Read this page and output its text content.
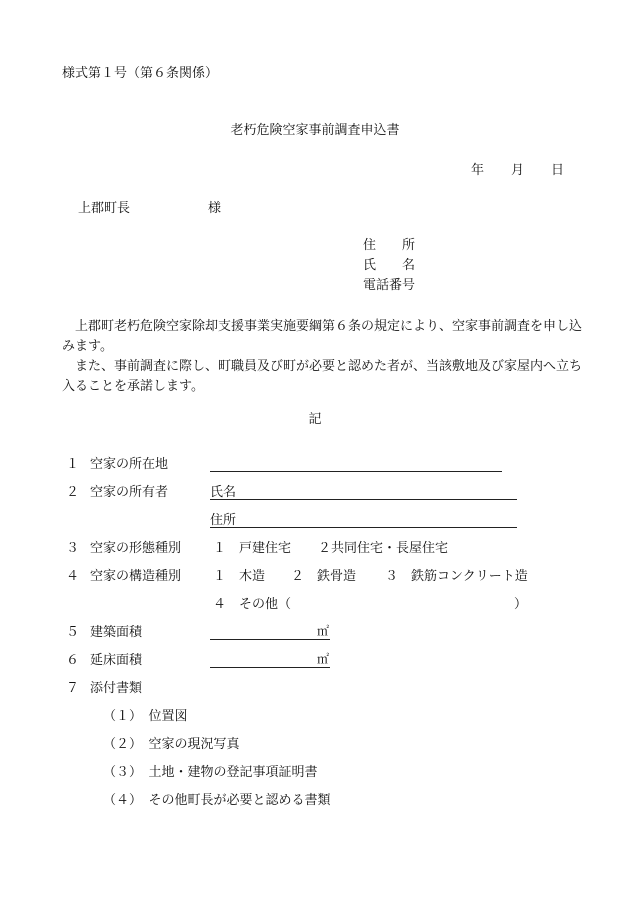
様式第１号（第６条関係）
老朽危険空家事前調査申込書
年 月 日
上郡町長	様
住　　所
氏　　名
電話番号
上郡町老朽危険空家除却支援事業実施要綱第６条の規定により、空家事前調査を申し込みます。
また、事前調査に際し、町職員及び町が必要と認めた者が、当該敷地及び家屋内へ立ち入ることを承諾します。
記
１ 空家の所在地
２ 空家の所有者	氏名
住所
３ 空家の形態種別 １　戸建住宅 ２共同住宅・長屋住宅
４ 空家の構造種別 １　木造 ２　鉄骨造 ３　鉄筋コンクリート造
４　その他（	）
５ 建築面積	㎡
６ 延床面積	㎡
７ 添付書類
（１）　位置図
（２）　空家の現況写真
（３）　土地・建物の登記事項証明書
（４）　その他町長が必要と認める書類
